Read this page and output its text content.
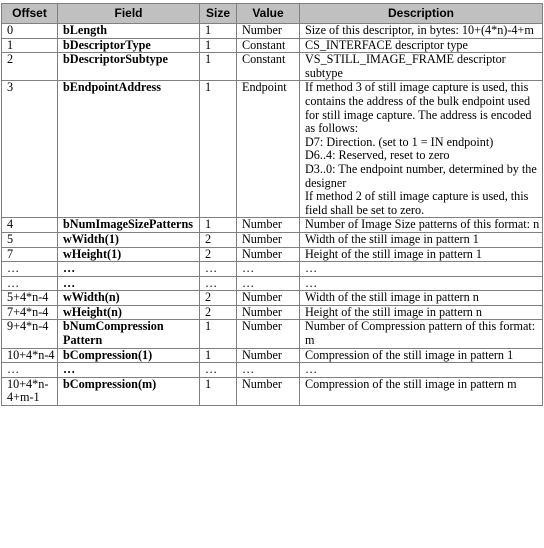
Offset	Field	Size	Value	Description
0	bLength	1	Number	Size of this descriptor, in bytes: 10+(4*n)-4+m

1	bDescriptorType	1	Constant	CS_INTERFACE descriptor type

2	bDescriptorSubtype	1	Constant	VS_STILL_IMAGE_FRAME descriptor subtype

3	bEndpointAddress	1	Endpoint	If method 3 of still image capture is used, this contains the address of the bulk endpoint used for still image capture. The address is encoded as follows:
D7: Direction. (set to 1 = IN endpoint)
D6..4: Reserved, reset to zero
D3..0: The endpoint number, determined by the designer
If method 2 of still image capture is used, this field shall be set to zero.

4	bNumImageSizePatterns	1	Number	Number of Image Size patterns of this format: n

5	wWidth(1)	2	Number	Width of the still image in pattern 1

7	wHeight(1)	2	Number	Height of the still image in pattern 1

…	…	…	…	…

…	…	…	…	…

5+4*n-4	wWidth(n)	2	Number	Width of the still image in pattern n

7+4*n-4	wHeight(n)	2	Number	Height of the still image in pattern n

9+4*n-4	bNumCompression Pattern	1	Number	Number of Compression pattern of this format: m

10+4*n-4	bCompression(1)	1	Number	Compression of the still image in pattern 1

…	…	…	…	…

10+4*n-4+m-1	bCompression(m)	1	Number	Compression of the still image in pattern m
